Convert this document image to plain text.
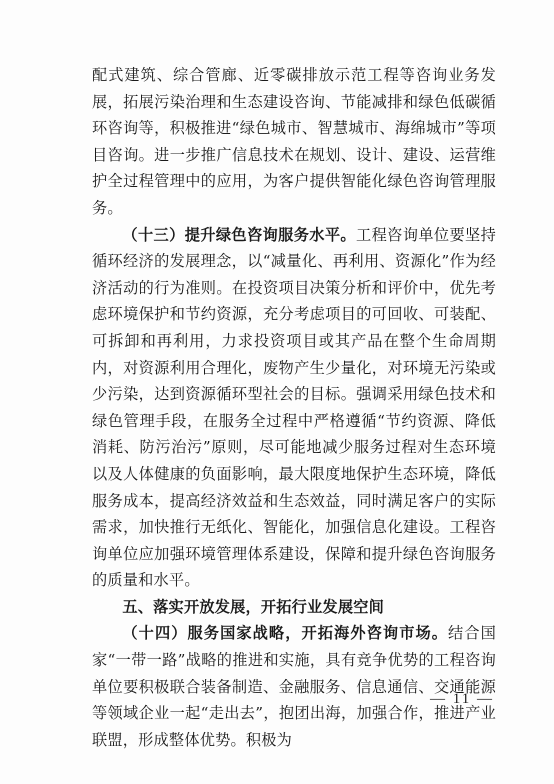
配式建筑、综合管廊、近零碳排放示范工程等咨询业务发展，拓展污染治理和生态建设咨询、节能减排和绿色低碳循环咨询等，积极推进“绿色城市、智慧城市、海绵城市”等项目咨询。进一步推广信息技术在规划、设计、建设、运营维护全过程管理中的应用，为客户提供智能化绿色咨询管理服务。

（十三）提升绿色咨询服务水平。工程咨询单位要坚持循环经济的发展理念，以“减量化、再利用、资源化”作为经济活动的行为准则。在投资项目决策分析和评价中，优先考虑环境保护和节约资源，充分考虑项目的可回收、可装配、可拆卸和再利用，力求投资项目或其产品在整个生命周期内，对资源利用合理化，废物产生少量化，对环境无污染或少污染，达到资源循环型社会的目标。强调采用绿色技术和绿色管理手段，在服务全过程中严格遵循“节约资源、降低消耗、防污治污”原则，尽可能地减少服务过程对生态环境以及人体健康的负面影响，最大限度地保护生态环境，降低服务成本，提高经济效益和生态效益，同时满足客户的实际需求，加快推行无纸化、智能化，加强信息化建设。工程咨询单位应加强环境管理体系建设，保障和提升绿色咨询服务的质量和水平。

五、落实开放发展，开拓行业发展空间

（十四）服务国家战略，开拓海外咨询市场。结合国家“一带一路”战略的推进和实施，具有竞争优势的工程咨询单位要积极联合装备制造、金融服务、信息通信、交通能源等领域企业一起“走出去”，抱团出海，加强合作，推进产业联盟，形成整体优势。积极为

— 11 —
